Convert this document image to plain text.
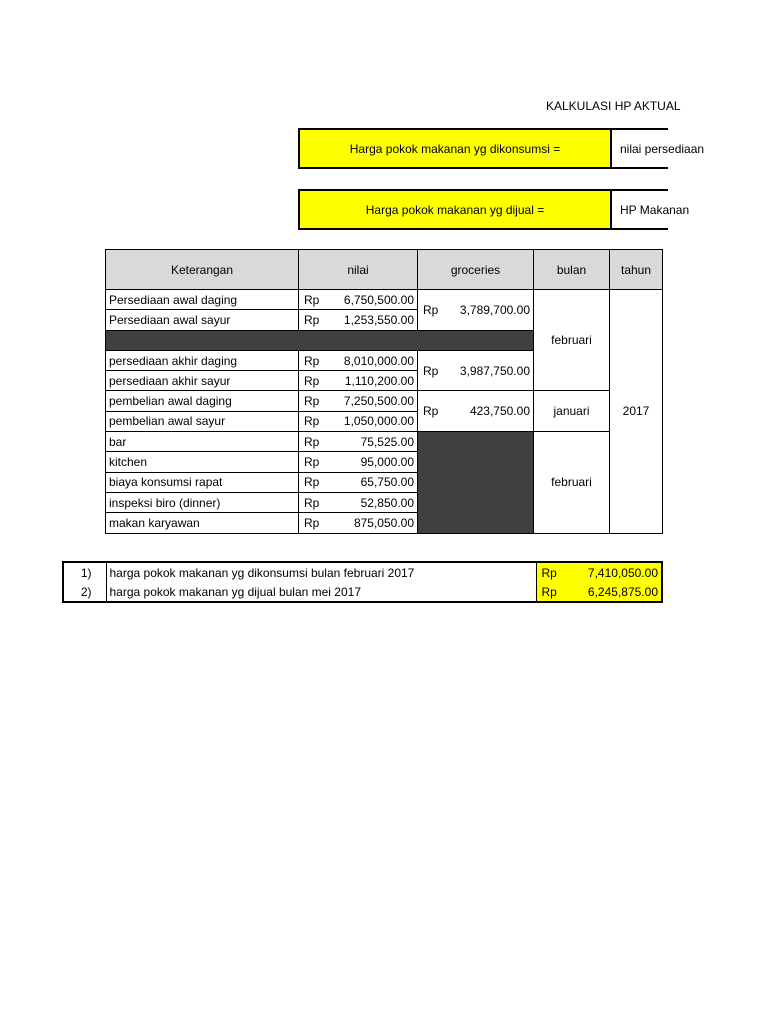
KALKULASI HP AKTUAL
Harga pokok makanan yg dikonsumsi =	nilai persediaan
Harga pokok makanan yg dijual =	HP Makanan
Keterangan	nilai	groceries	bulan	tahun
Persediaan awal daging	Rp 6,750,500.00	Rp 3,789,700.00	februari	2017
Persediaan awal sayur	Rp 1,253,550.00			

persediaan akhir daging	Rp 8,010,000.00	Rp 3,987,750.00		

persediaan akhir sayur	Rp 1,110,200.00			

pembelian awal daging	Rp 7,250,500.00	Rp 423,750.00	januari	
pembelian awal sayur	Rp 1,050,000.00			

bar	Rp 75,525.00		februari	
kitchen	Rp 95,000.00			

biaya konsumsi rapat	Rp 65,750.00			

inspeksi biro (dinner)	Rp 52,850.00			

makan karyawan	Rp 875,050.00			
1)	harga pokok makanan yg dikonsumsi bulan februari 2017	Rp 7,410,050.00

2)	harga pokok makanan yg dijual bulan mei 2017	Rp 6,245,875.00
